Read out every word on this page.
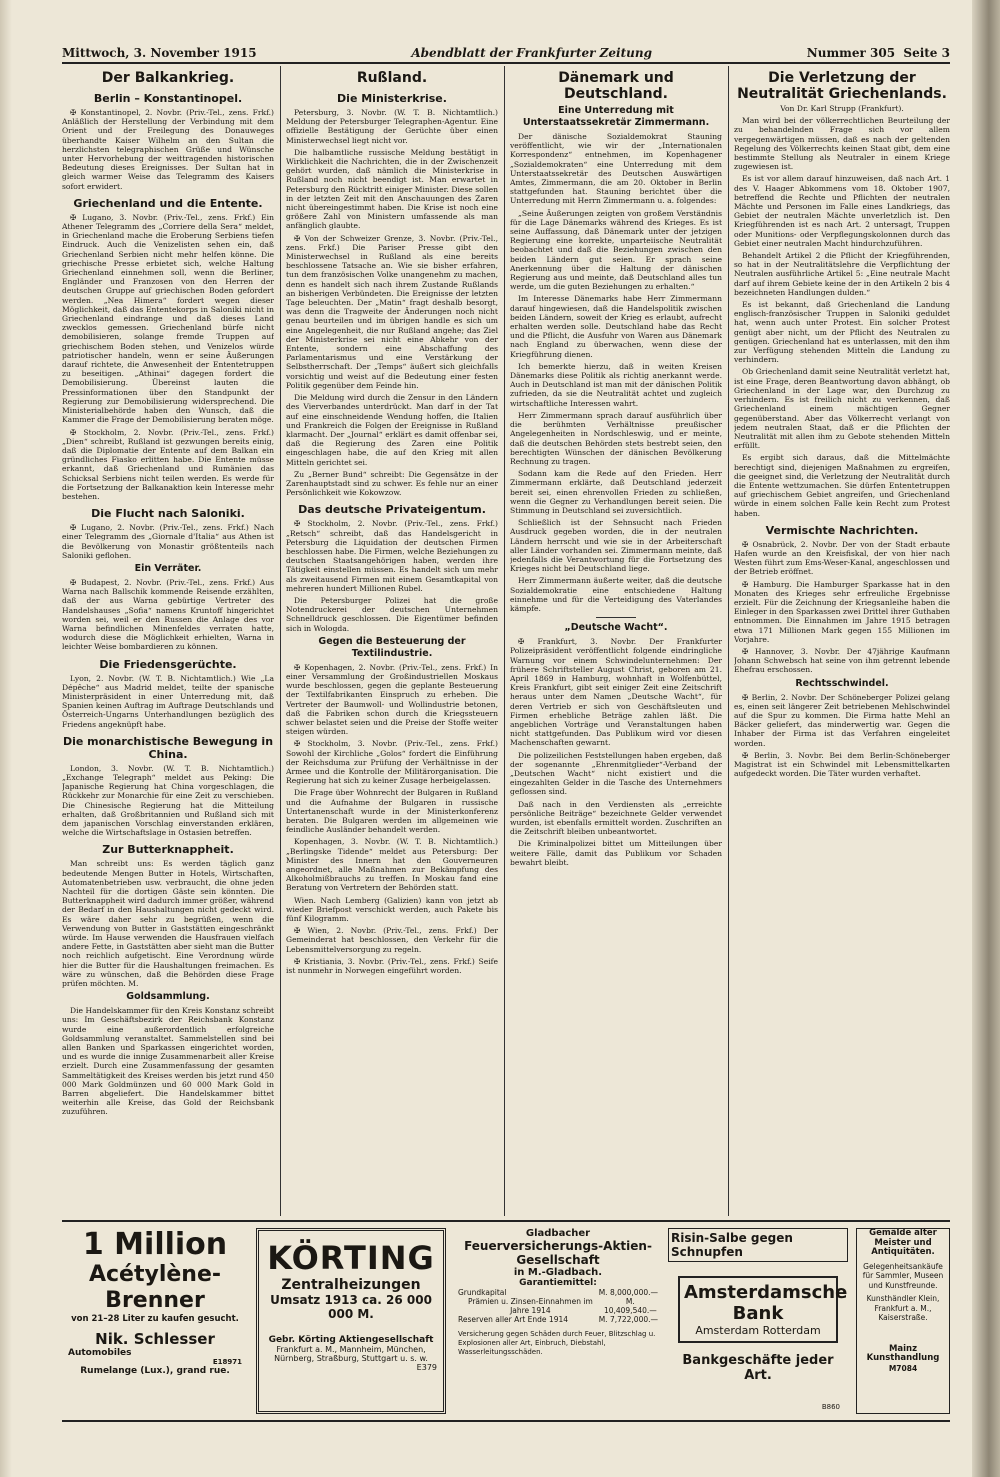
Mittwoch, 3. November 1915	Abendblatt der Frankfurter Zeitung	Nummer 305 Seite 3
Der Balkankrieg.
Berlin – Konstantinopel.

✠ Konstantinopel, 2. Novbr. (Priv.-Tel., zens. Frkf.) Anläßlich der Herstellung der Verbindung mit dem Orient und der Freilegung des Donauweges überhandte Kaiser Wilhelm an den Sultan die herzlichsten telegraphischen Grüße und Wünsche unter Hervorhebung der weittragenden historischen Bedeutung dieses Ereignisses. Der Sultan hat in gleich warmer Weise das Telegramm des Kaisers sofort erwidert.

Griechenland und die Entente.

✠ Lugano, 3. Novbr. (Priv.-Tel., zens. Frkf.) Ein Athener Telegramm des „Corriere della Sera“ meldet, in Griechenland mache die Eroberung Serbiens tiefen Eindruck. Auch die Venizelisten sehen ein, daß Griechenland Serbien nicht mehr helfen könne. Die griechische Presse erbietet sich, welche Haltung Griechenland einnehmen soll, wenn die Berliner, Engländer und Franzosen von den Herren der deutschen Gruppe auf griechischen Boden gefordert werden. „Nea Himera“ fordert wegen dieser Möglichkeit, daß das Ententekorps in Saloniki nicht in Griechenland eindrange und daß dieses Land zwecklos gemessen. Griechenland bürfe nicht demobilisieren, solange fremde Truppen auf griechischem Boden stehen, und Venizelos würde patriotischer handeln, wenn er seine Äußerungen darauf richtete, die Anwesenheit der Ententetruppen zu beseitigen. „Athinai“ dagegen fordert die Demobilisierung. Übereinst lauten die Pressinformationen über den Standpunkt der Regierung zur Demobilisierung widersprechend. Die Ministerialbehörde haben den Wunsch, daß die Kammer die Frage der Demobilisierung beraten möge.

✠ Stockholm, 2. Novbr. (Priv.-Tel., zens. Frkf.) „Dien“ schreibt, Rußland ist gezwungen bereits einig, daß die Diplomatie der Entente auf dem Balkan ein gründliches Fiasko erlitten habe. Die Entente müsse erkannt, daß Griechenland und Rumänien das Schicksal Serbiens nicht teilen werden. Es werde für die Fortsetzung der Balkanaktion kein Interesse mehr bestehen.

Die Flucht nach Saloniki.

✠ Lugano, 2. Novbr. (Priv.-Tel., zens. Frkf.) Nach einer Telegramm des „Giornale d'Italia“ aus Athen ist die Bevölkerung von Monastir größtenteils nach Saloniki geflohen.

Ein Verräter.

✠ Budapest, 2. Novbr. (Priv.-Tel., zens. Frkf.) Aus Warna nach Ballschik kommende Reisende erzählten, daß der aus Warna gebürtige Vertreter des Handelshauses „Sofia“ namens Kruntoff hingerichtet worden sei, weil er den Russen die Anlage des vor Warna befindlichen Minenfeldes verraten hatte, wodurch diese die Möglichkeit erhielten, Warna in leichter Weise bombardieren zu können.

Die Friedensgerüchte.

Lyon, 2. Novbr. (W. T. B. Nichtamtlich.) Wie „La Dépêche“ aus Madrid meldet, teilte der spanische Ministerpräsident in einer Unterredung mit, daß Spanien keinen Auftrag im Auftrage Deutschlands und Österreich-Ungarns Unterhandlungen bezüglich des Friedens angeknüpft habe.

Die monarchistische Bewegung in China.

London, 3. Novbr. (W. T. B. Nichtamtlich.) „Exchange Telegraph“ meldet aus Peking: Die Japanische Regierung hat China vorgeschlagen, die Rückkehr zur Monarchie für eine Zeit zu verschieben. Die Chinesische Regierung hat die Mitteilung erhalten, daß Großbritannien und Rußland sich mit dem japanischen Vorschlag einverstanden erklären, welche die Wirtschaftslage in Ostasien betreffen.

Zur Butterknappheit.

Man schreibt uns: Es werden täglich ganz bedeutende Mengen Butter in Hotels, Wirtschaften, Automatenbetrieben usw. verbraucht, die ohne jeden Nachteil für die dortigen Gäste sein könnten. Die Butterknappheit wird dadurch immer größer, während der Bedarf in den Haushaltungen nicht gedeckt wird. Es wäre daher sehr zu begrüßen, wenn die Verwendung von Butter in Gaststätten eingeschränkt würde. Im Hause verwenden die Hausfrauen vielfach andere Fette, in Gaststätten aber sieht man die Butter noch reichlich aufgetischt. Eine Verordnung würde hier die Butter für die Haushaltungen freimachen. Es wäre zu wünschen, daß die Behörden diese Frage prüfen möchten. M.

Goldsammlung.

Die Handelskammer für den Kreis Konstanz schreibt uns: Im Geschäftsbezirk der Reichsbank Konstanz wurde eine außerordentlich erfolgreiche Goldsammlung veranstaltet. Sammelstellen sind bei allen Banken und Sparkassen eingerichtet worden, und es wurde die innige Zusammenarbeit aller Kreise erzielt. Durch eine Zusammenfassung der gesamten Sammeltätigkeit des Kreises werden bis jetzt rund 450 000 Mark Goldmünzen und 60 000 Mark Gold in Barren abgeliefert. Die Handelskammer bittet weiterhin alle Kreise, das Gold der Reichsbank zuzuführen.

Rußland.
Die Ministerkrise.

Petersburg, 3. Novbr. (W. T. B. Nichtamtlich.) Meldung der Petersburger Telegraphen-Agentur. Eine offizielle Bestätigung der Gerüchte über einen Ministerwechsel liegt nicht vor.

Die halbamtliche russische Meldung bestätigt in Wirklichkeit die Nachrichten, die in der Zwischenzeit gehört wurden, daß nämlich die Ministerkrise in Rußland noch nicht beendigt ist. Man erwartet in Petersburg den Rücktritt einiger Minister. Diese sollen in der letzten Zeit mit den Anschauungen des Zaren nicht übereingestimmt haben. Die Krise ist noch eine größere Zahl von Ministern umfassende als man anfänglich glaubte.

✠ Von der Schweizer Grenze, 3. Novbr. (Priv.-Tel., zens. Frkf.) Die Pariser Presse gibt den Ministerwechsel in Rußland als eine bereits beschlossene Tatsache an. Wie sie bisher erfahren, tun dem französischen Volke unangenehm zu machen, denn es handelt sich nach ihrem Zustande Rußlands an bisherigen Verbündeten. Die Ereignisse der letzten Tage beleuchten. Der „Matin“ fragt deshalb besorgt, was denn die Tragweite der Änderungen noch nicht genau beurteilen und im übrigen handle es sich um eine Angelegenheit, die nur Rußland angehe; das Ziel der Ministerkrise sei nicht eine Abkehr von der Entente, sondern eine Abschaffung des Parlamentarismus und eine Verstärkung der Selbstherrschaft. Der „Temps“ äußert sich gleichfalls vorsichtig und weist auf die Bedeutung einer festen Politik gegenüber dem Feinde hin.

Die Meldung wird durch die Zensur in den Ländern des Vierverbandes unterdrückt. Man darf in der Tat auf eine einschneidende Wendung hoffen, die Italien und Frankreich die Folgen der Ereignisse in Rußland klarmacht. Der „Journal“ erklärt es damit offenbar sei, daß die Regierung des Zaren eine Politik eingeschlagen habe, die auf den Krieg mit allen Mitteln gerichtet sei.

Zu „Berner Bund“ schreibt: Die Gegensätze in der Zarenhauptstadt sind zu schwer. Es fehle nur an einer Persönlichkeit wie Kokowzow.

Das deutsche Privateigentum.

✠ Stockholm, 2. Novbr. (Priv.-Tel., zens. Frkf.) „Retsch“ schreibt, daß das Handelsgericht in Petersburg die Liquidation der deutschen Firmen beschlossen habe. Die Firmen, welche Beziehungen zu deutschen Staatsangehörigen haben, werden ihre Tätigkeit einstellen müssen. Es handelt sich um mehr als zweitausend Firmen mit einem Gesamtkapital von mehreren hundert Millionen Rubel.

Die Petersburger Polizei hat die große Notendruckerei der deutschen Unternehmen Schnelldruck geschlossen. Die Eigentümer befinden sich in Wologda.

Gegen die Besteuerung der Textilindustrie.

✠ Kopenhagen, 2. Novbr. (Priv.-Tel., zens. Frkf.) In einer Versammlung der Großindustriellen Moskaus wurde beschlossen, gegen die geplante Besteuerung der Textilfabrikanten Einspruch zu erheben. Die Vertreter der Baumwoll- und Wollindustrie betonen, daß die Fabriken schon durch die Kriegssteuern schwer belastet seien und die Preise der Stoffe weiter steigen würden.

✠ Stockholm, 3. Novbr. (Priv.-Tel., zens. Frkf.) Sowohl der Kirchliche „Golos“ fordert die Einführung der Reichsduma zur Prüfung der Verhältnisse in der Armee und die Kontrolle der Militärorganisation. Die Regierung hat sich zu keiner Zusage herbeigelassen.

Die Frage über Wohnrecht der Bulgaren in Rußland und die Aufnahme der Bulgaren in russische Untertanenschaft wurde in der Ministerkonferenz beraten. Die Bulgaren werden im allgemeinen wie feindliche Ausländer behandelt werden.

Kopenhagen, 3. Novbr. (W. T. B. Nichtamtlich.) „Berlingske Tidende“ meldet aus Petersburg: Der Minister des Innern hat den Gouverneuren angeordnet, alle Maßnahmen zur Bekämpfung des Alkoholmißbrauchs zu treffen. In Moskau fand eine Beratung von Vertretern der Behörden statt.

Wien. Nach Lemberg (Galizien) kann von jetzt ab wieder Briefpost verschickt werden, auch Pakete bis fünf Kilogramm.

✠ Wien, 2. Novbr. (Priv.-Tel., zens. Frkf.) Der Gemeinderat hat beschlossen, den Verkehr für die Lebensmittelversorgung zu regeln.

✠ Kristiania, 3. Novbr. (Priv.-Tel., zens. Frkf.) Seife ist nunmehr in Norwegen eingeführt worden.

Dänemark und Deutschland.
Eine Unterredung mit Unterstaatssekretär Zimmermann.

Der dänische Sozialdemokrat Stauning veröffentlicht, wie wir der „Internationalen Korrespondenz“ entnehmen, im Kopenhagener „Sozialdemokraten“ eine Unterredung mit dem Unterstaatssekretär des Deutschen Auswärtigen Amtes, Zimmermann, die am 20. Oktober in Berlin stattgefunden hat. Stauning berichtet über die Unterredung mit Herrn Zimmermann u. a. folgendes:

„Seine Äußerungen zeigten von großem Verständnis für die Lage Dänemarks während des Krieges. Es ist seine Auffassung, daß Dänemark unter der jetzigen Regierung eine korrekte, unparteiische Neutralität beobachtet und daß die Beziehungen zwischen den beiden Ländern gut seien. Er sprach seine Anerkennung über die Haltung der dänischen Regierung aus und meinte, daß Deutschland alles tun werde, um die guten Beziehungen zu erhalten.“

Im Interesse Dänemarks habe Herr Zimmermann darauf hingewiesen, daß die Handelspolitik zwischen beiden Ländern, soweit der Krieg es erlaubt, aufrecht erhalten werden solle. Deutschland habe das Recht und die Pflicht, die Ausfuhr von Waren aus Dänemark nach England zu überwachen, wenn diese der Kriegführung dienen.

Ich bemerkte hierzu, daß in weiten Kreisen Dänemarks diese Politik als richtig anerkannt werde. Auch in Deutschland ist man mit der dänischen Politik zufrieden, da sie die Neutralität achtet und zugleich wirtschaftliche Interessen wahrt.

Herr Zimmermann sprach darauf ausführlich über die berühmten Verhältnisse preußischer Angelegenheiten in Nordschleswig, und er meinte, daß die deutschen Behörden stets bestrebt seien, den berechtigten Wünschen der dänischen Bevölkerung Rechnung zu tragen.

Sodann kam die Rede auf den Frieden. Herr Zimmermann erklärte, daß Deutschland jederzeit bereit sei, einen ehrenvollen Frieden zu schließen, wenn die Gegner zu Verhandlungen bereit seien. Die Stimmung in Deutschland sei zuversichtlich.

Schließlich ist der Sehnsucht nach Frieden Ausdruck gegeben worden, die in der neutralen Ländern herrscht und wie sie in der Arbeiterschaft aller Länder vorhanden sei. Zimmermann meinte, daß jedenfalls die Verantwortung für die Fortsetzung des Krieges nicht bei Deutschland liege.

Herr Zimmermann äußerte weiter, daß die deutsche Sozialdemokratie eine entschiedene Haltung einnehme und für die Verteidigung des Vaterlandes kämpfe.

„Deutsche Wacht“.

✠ Frankfurt, 3. Novbr. Der Frankfurter Polizeipräsident veröffentlicht folgende eindringliche Warnung vor einem Schwindelunternehmen: Der frühere Schriftsteller August Christ, geboren am 21. April 1869 in Hamburg, wohnhaft in Wolfenbüttel, Kreis Frankfurt, gibt seit einiger Zeit eine Zeitschrift heraus unter dem Namen „Deutsche Wacht“, für deren Vertrieb er sich von Geschäftsleuten und Firmen erhebliche Beträge zahlen läßt. Die angeblichen Vorträge und Veranstaltungen haben nicht stattgefunden. Das Publikum wird vor diesen Machenschaften gewarnt.

Die polizeilichen Feststellungen haben ergeben, daß der sogenannte „Ehrenmitglieder“-Verband der „Deutschen Wacht“ nicht existiert und die eingezahlten Gelder in die Tasche des Unternehmers geflossen sind.

Daß nach in den Verdiensten als „erreichte persönliche Beiträge“ bezeichnete Gelder verwendet wurden, ist ebenfalls ermittelt worden. Zuschriften an die Zeitschrift bleiben unbeantwortet.

Die Kriminalpolizei bittet um Mitteilungen über weitere Fälle, damit das Publikum vor Schaden bewahrt bleibt.

Die Verletzung der Neutralität Griechenlands.
Von Dr. Karl Strupp (Frankfurt).

Man wird bei der völkerrechtlichen Beurteilung der zu behandelnden Frage sich vor allem vergegenwärtigen müssen, daß es nach der geltenden Regelung des Völkerrechts keinen Staat gibt, dem eine bestimmte Stellung als Neutraler in einem Kriege zugewiesen ist.

Es ist vor allem darauf hinzuweisen, daß nach Art. 1 des V. Haager Abkommens vom 18. Oktober 1907, betreffend die Rechte und Pflichten der neutralen Mächte und Personen im Falle eines Landkriegs, das Gebiet der neutralen Mächte unverletzlich ist. Den Kriegführenden ist es nach Art. 2 untersagt, Truppen oder Munitions- oder Verpflegungskolonnen durch das Gebiet einer neutralen Macht hindurchzuführen.

Behandelt Artikel 2 die Pflicht der Kriegführenden, so hat in der Neutralitätslehre die Verpflichtung der Neutralen ausführliche Artikel 5: „Eine neutrale Macht darf auf ihrem Gebiete keine der in den Artikeln 2 bis 4 bezeichneten Handlungen dulden.“

Es ist bekannt, daß Griechenland die Landung englisch-französischer Truppen in Saloniki geduldet hat, wenn auch unter Protest. Ein solcher Protest genügt aber nicht, um der Pflicht des Neutralen zu genügen. Griechenland hat es unterlassen, mit den ihm zur Verfügung stehenden Mitteln die Landung zu verhindern.

Ob Griechenland damit seine Neutralität verletzt hat, ist eine Frage, deren Beantwortung davon abhängt, ob Griechenland in der Lage war, den Durchzug zu verhindern. Es ist freilich nicht zu verkennen, daß Griechenland einem mächtigen Gegner gegenüberstand. Aber das Völkerrecht verlangt von jedem neutralen Staat, daß er die Pflichten der Neutralität mit allen ihm zu Gebote stehenden Mitteln erfüllt.

Es ergibt sich daraus, daß die Mittelmächte berechtigt sind, diejenigen Maßnahmen zu ergreifen, die geeignet sind, die Verletzung der Neutralität durch die Entente wettzumachen. Sie dürfen Ententetruppen auf griechischem Gebiet angreifen, und Griechenland würde in einem solchen Falle kein Recht zum Protest haben.

Vermischte Nachrichten.

✠ Osnabrück, 2. Novbr. Der von der Stadt erbaute Hafen wurde an den Kreisfiskal, der von hier nach Westen führt zum Ems-Weser-Kanal, angeschlossen und der Betrieb eröffnet.

✠ Hamburg. Die Hamburger Sparkasse hat in den Monaten des Krieges sehr erfreuliche Ergebnisse erzielt. Für die Zeichnung der Kriegsanleihe haben die Einleger in den Sparkassen zwei Drittel ihrer Guthaben entnommen. Die Einnahmen im Jahre 1915 betragen etwa 171 Millionen Mark gegen 155 Millionen im Vorjahre.

✠ Hannover, 3. Novbr. Der 47jährige Kaufmann Johann Schwebsch hat seine von ihm getrennt lebende Ehefrau erschossen.

Rechtsschwindel.

✠ Berlin, 2. Novbr. Der Schöneberger Polizei gelang es, einen seit längerer Zeit betriebenen Mehlschwindel auf die Spur zu kommen. Die Firma hatte Mehl an Bäcker geliefert, das minderwertig war. Gegen die Inhaber der Firma ist das Verfahren eingeleitet worden.

✠ Berlin, 3. Novbr. Bei dem Berlin-Schöneberger Magistrat ist ein Schwindel mit Lebensmittelkarten aufgedeckt worden. Die Täter wurden verhaftet.

1 Million
Acétylène-Brenner
von 21–28 Liter zu kaufen gesucht.
Nik. Schlesser
Automobiles
E18971
Rumelange (Lux.), grand rue.
KÖRTING
Zentralheizungen
Umsatz 1913 ca. 26 000 000 M.
Gebr. Körting Aktiengesellschaft
Frankfurt a. M., Mannheim, München, Nürnberg, Straßburg, Stuttgart u. s. w.
E379
Gladbacher
Feuerversicherungs-Aktien-Gesellschaft
in M.-Gladbach.
Garantiemittel:
Grundkapital	M. 8,000,000.—
Prämien u. Zinsen-Einnahmen im Jahre 1914
M. 10,409,540.—
Reserven aller Art Ende 1914	M. 7,722,000.—
Versicherung gegen Schäden durch Feuer, Blitzschlag u. Explosionen aller Art, Einbruch, Diebstahl, Wasserleitungsschäden.
Risin-Salbe gegen Schnupfen
Amsterdamsche Bank
Amsterdam Rotterdam
Bankgeschäfte jeder Art.
B860
Gemälde alter Meister und Antiquitäten.
Gelegenheitsankäufe für Sammler, Museen und Kunstfreunde.
Kunsthändler Klein, Frankfurt a. M., Kaiserstraße.
Mainz Kunsthandlung
M7084
